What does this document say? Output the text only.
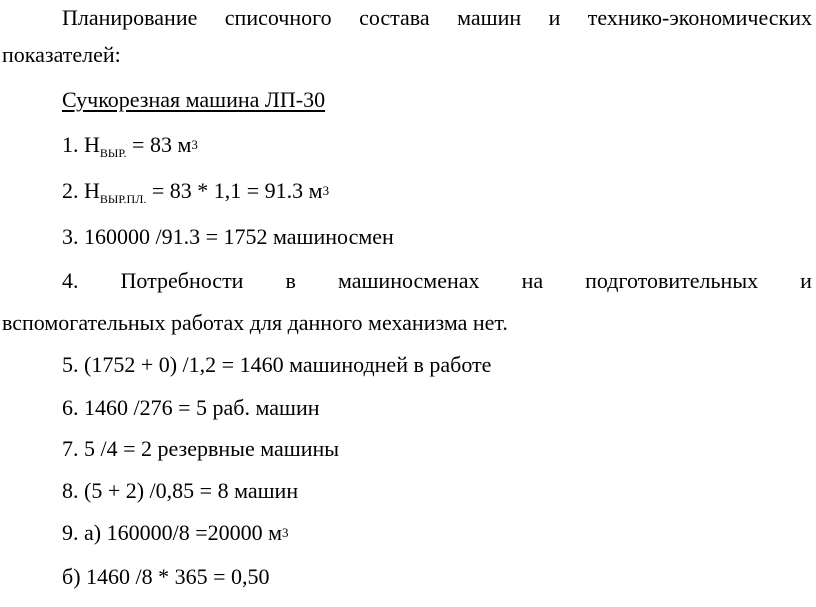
Планирование списочного состава машин и технико-экономических
показателей:
Сучкорезная машина ЛП-30
1. $Н_{ВЫР.} = 83$ $м^3$
2. $Н_{ВЫР.ПЛ.} = 83 * 1,1 = 91.3$ $м^3$
3. 160000 /91.3 = 1752 машиносмен
4. Потребности в машиносменах на подготовительных и
вспомогательных работах для данного механизма нет.
5. (1752 + 0) /1,2 = 1460 машинодней в работе
6. 1460 /276 = 5 раб. машин
7. 5 /4 = 2 резервные машины
8. (5 + 2) /0,85 = 8 машин
9. а) 160000/8 =20000 $м^3$
б) 1460 /8 * 365 = 0,50
